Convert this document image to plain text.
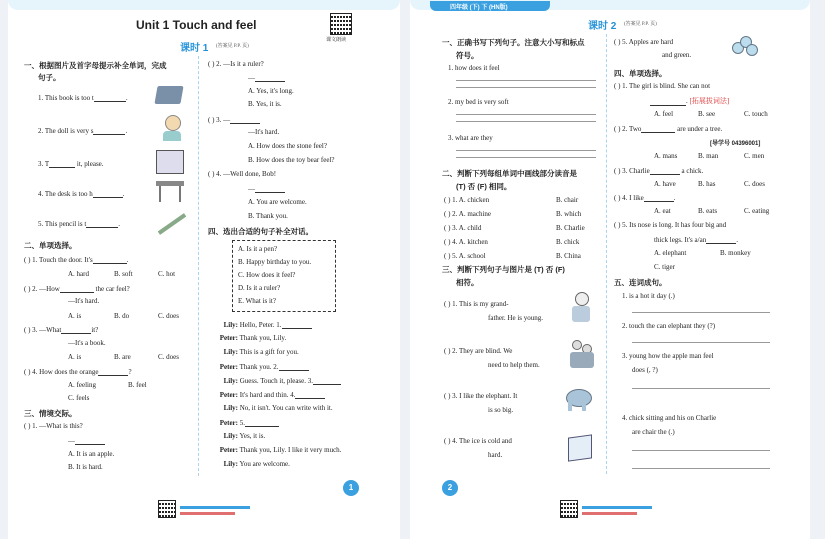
Unit 1 Touch and feel
课文朗读
课时 1 (答案见 P.P. 页)
一、根据图片及首字母提示补全单词，完成
句子。
1. This book is too t	.
2. The doll is very s	.
3. T	it, please.
4. The desk is too h	.
5. This pencil is t	.
二、单项选择。
( ) 1. Touch the door. It's	.
A. hard	B. soft	C. hot
( ) 2. —How	the car feel?
—It's hard.
A. is	B. do	C. does
( ) 3. —What	it?
—It's a book.
A. is	B. are	C. does
( ) 4. How does the orange	?
A. feeling	B. feel
C. feels
三、情境交际。
( ) 1. —What is this?
—
A. It is an apple.
B. It is hard.
( ) 2. —Is it a ruler?
—
A. Yes, it's long.
B. Yes, it is.
( ) 3. —
—It's hard.
A. How does the stone feel?
B. How does the toy bear feel?
( ) 4. —Well done, Bob!
—
A. You are welcome.
B. Thank you.
四、选出合适的句子补全对话。
A. Is it a pen?
B. Happy birthday to you.
C. How does it feel?
D. Is it a ruler?
E. What is it?
Lily: Hello, Peter. 1.
Peter: Thank you, Lily.
Lily: This is a gift for you.
Peter: Thank you. 2.
Lily: Guess. Touch it, please. 3.
Peter: It's hard and thin. 4.
Lily: No, it isn't. You can write with it.
Peter: 5.
Lily: Yes, it is.
Peter: Thank you, Lily. I like it very much.
Lily: You are welcome.
1
四年级 (下) 下 (HN版)
课时 2 (答案见 P.P. 页)
一、正确书写下列句子。注意大小写和标点
符号。
1. how does it feel
2. my bed is very soft
3. what are they
二、判断下列每组单词中画线部分读音是
(T) 否 (F) 相同。
( ) 1. A. chicken	B. chair
( ) 2. A. machine	B. which
( ) 3. A. child	B. Charlie
( ) 4. A. kitchen	B. chick
( ) 5. A. school	B. China
三、判断下列句子与图片是 (T) 否 (F)
相符。
( ) 1. This is my grand-
father. He is young.
( ) 2. They are blind. We
need to help them.
( ) 3. I like the elephant. It
is so big.
( ) 4. The ice is cold and
hard.
( ) 5. Apples are hard
and green.
四、单项选择。
( ) 1. The girl is blind. She can not
. [拓展拔词法]
A. feel	B. see	C. touch
( ) 2. Two	are under a tree.
[导学号 04396001]
A. mans	B. man	C. men
( ) 3. Charlie	a chick.
A. have	B. has	C. does
( ) 4. I like	.
A. eat	B. eats	C. eating
( ) 5. Its nose is long. It has four big and
thick legs. It's a/an	.
A. elephant	B. monkey
C. tiger
五、连词成句。
1. is a hot it day (.)
2. touch the can elephant they (?)
3. young how the apple man feel
does (, ?)
4. chick sitting and his on Charlie
are chair the (.)
2
